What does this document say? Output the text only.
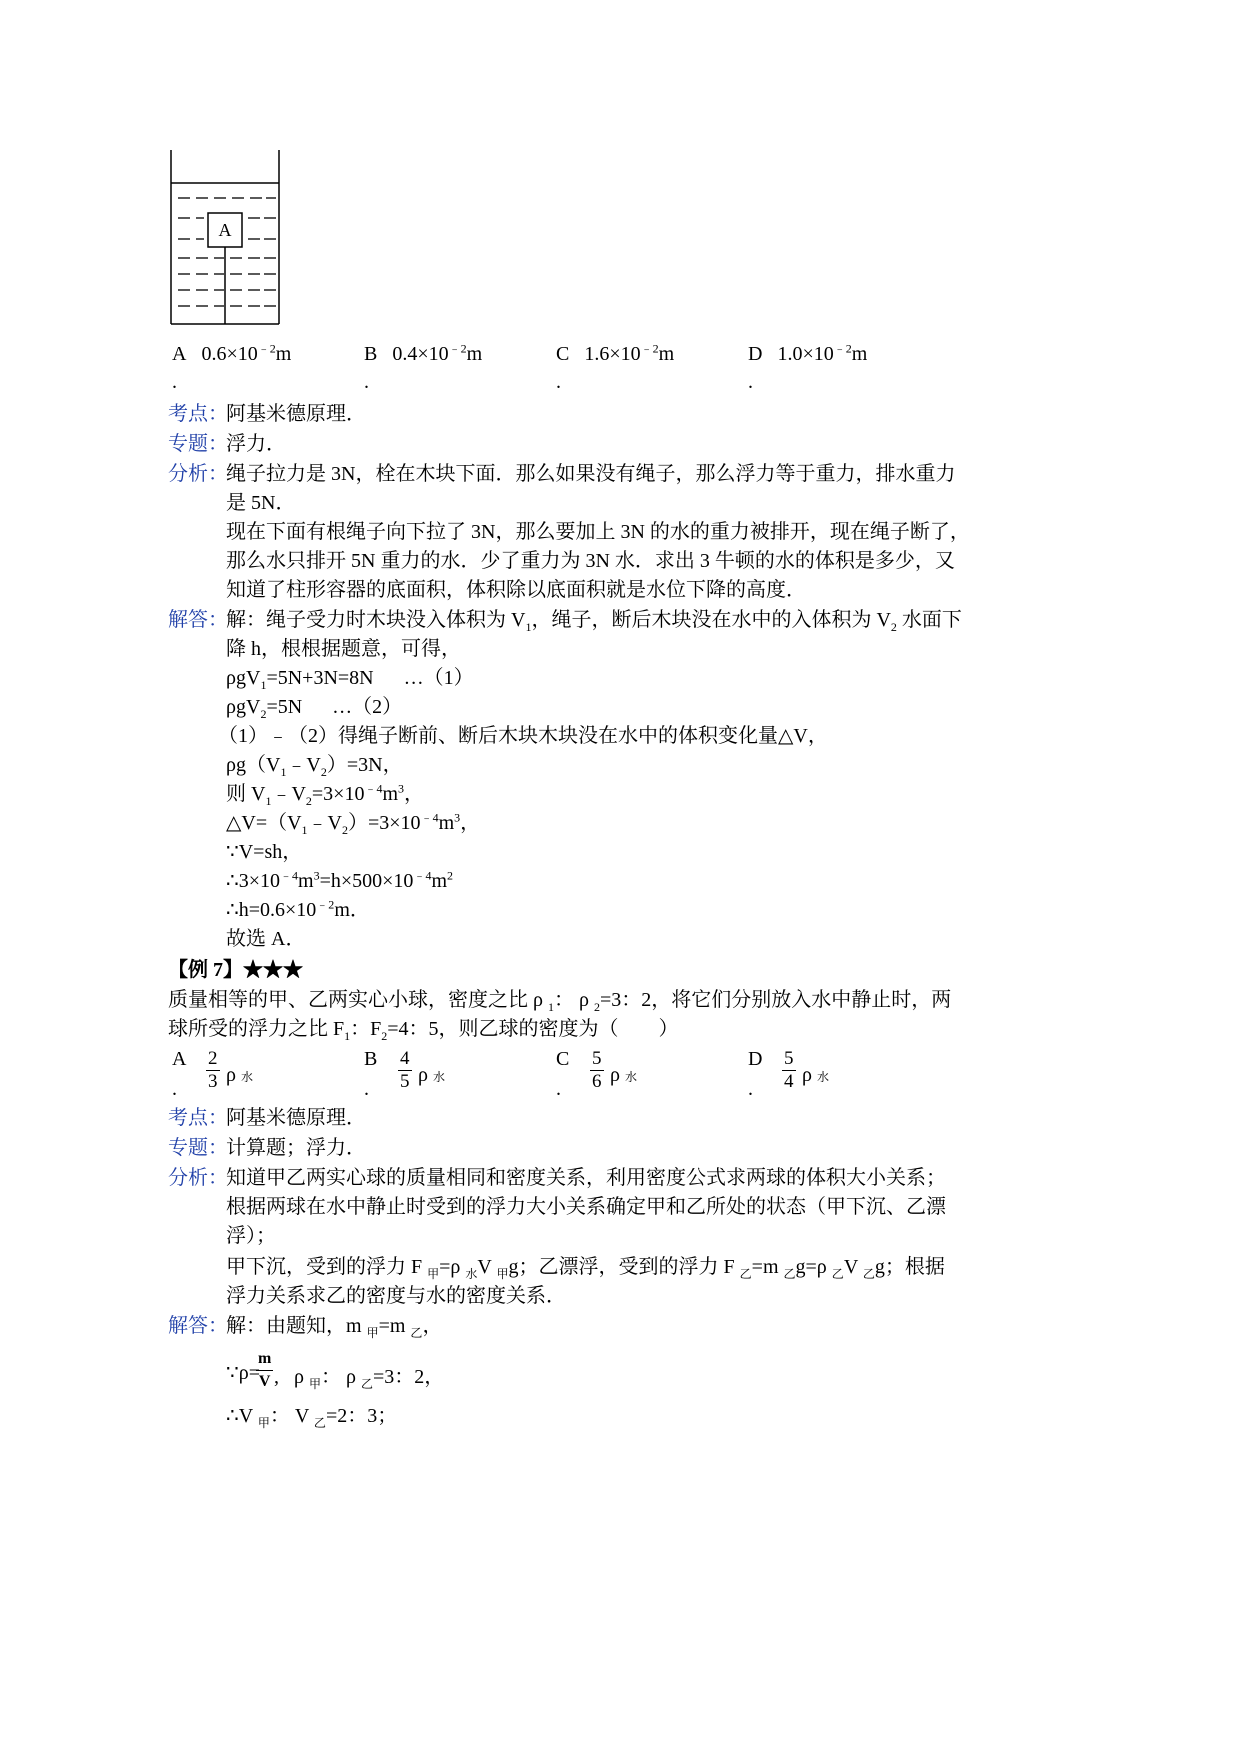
A
A $0.6\times 10^{﹣2}m$	B $0.4\times 10^{﹣2}m$	C $1.6\times 10^{﹣2}m$	D $1.0\times 10^{﹣2}m$
.	.	.	.
考点：
阿基米德原理．
专题：
浮力．
分析：
绳子拉力是 3N，栓在木块下面．那么如果没有绳子，那么浮力等于重力，排水重力
是 5N．
现在下面有根绳子向下拉了 3N，那么要加上 3N 的水的重力被排开，现在绳子断了，
那么水只排开 5N 重力的水．少了重力为 3N 水．求出 3 牛顿的水的体积是多少，又
知道了柱形容器的底面积，体积除以底面积就是水位下降的高度．
解答：
解：绳子受力时木块没入体积为 $V_1$，绳子，断后木块没在水中的入体积为 $V_2$ 水面下
降 h，根根据题意，可得，
ρgV$_1$=5N+3N=8N      …（1）
ρgV$_2$=5N      …（2）
（1）﹣（2）得绳子断前、断后木块木块没在水中的体积变化量△V，
$\rho g(V_1﹣V_2)=3N$，
则 $V_1﹣V_2=3\times 10^{﹣4}m^3$，
$\triangle V=(V_1﹣V_2)=3\times 10^{﹣4}m^3$，
∵V=sh，
$\therefore 3\times 10^{﹣4}m^3=h\times 500\times 10^{﹣4}m^2$
$\therefore h=0.6\times 10^{﹣2}m$．
故选 A．
【例 7】★★★
质量相等的甲、乙两实心小球，密度之比 ρ $_1$： ρ $_2$=3：2，将它们分别放入水中静止时，两
球所受的浮力之比 $F_1$：$F_2=4$：5，则乙球的密度为（        ）
A $\frac{2}{3}$ ρ 水
.
B $\frac{4}{5}$ ρ 水
.
C $\frac{5}{6}$ ρ 水
.
D $\frac{5}{4}$ ρ 水
.
考点：
阿基米德原理．
专题：
计算题；浮力．
分析：
知道甲乙两实心球的质量相同和密度关系，利用密度公式求两球的体积大小关系；
根据两球在水中静止时受到的浮力大小关系确定甲和乙所处的状态（甲下沉、乙漂
浮）；
甲下沉，受到的浮力 F $_甲$=ρ $_水$V $_甲$g；乙漂浮，受到的浮力 F $_乙$=m $_乙$g=ρ $_乙$V $_乙$g；根据
浮力关系求乙的密度与水的密度关系．
解答：
解：由题知，m $_甲$=m $_乙$，
∵ρ=
$\frac{m}{V}$ ,   ρ $_甲$： ρ $_乙$=3：2，
∴V $_甲$： V $_乙$=2：3；
